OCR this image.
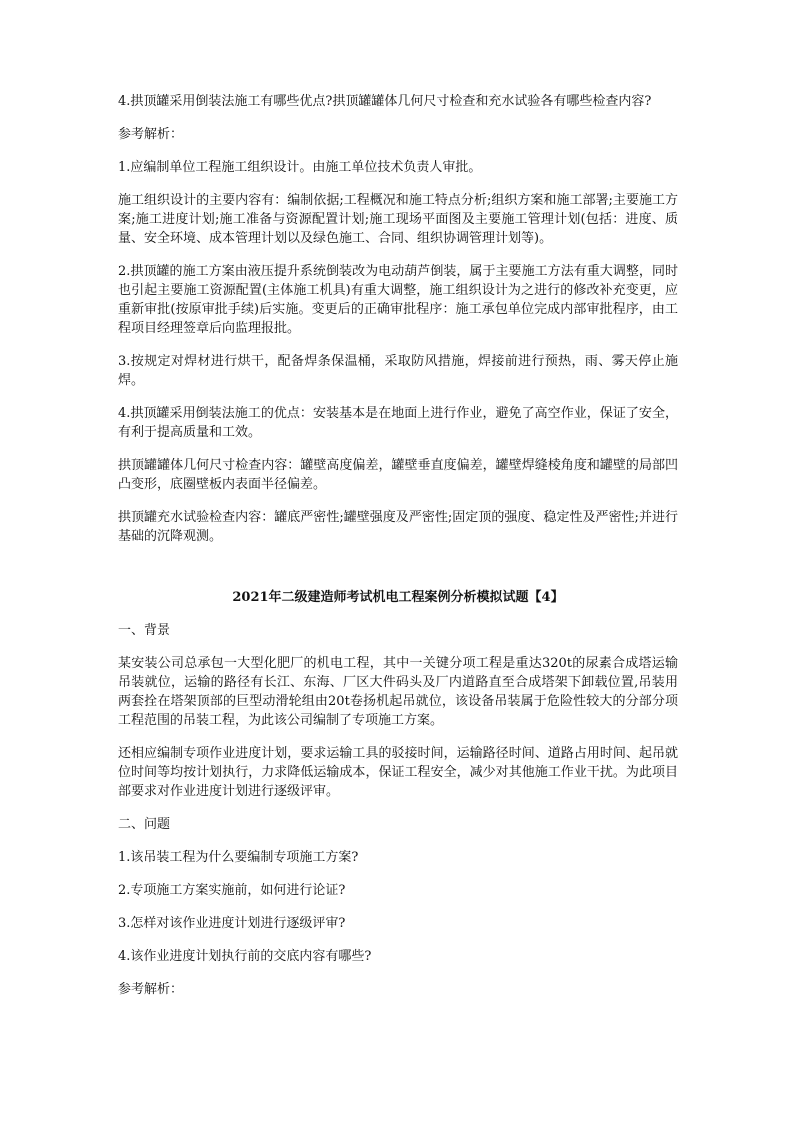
4.拱顶罐采用倒装法施工有哪些优点?拱顶罐罐体几何尺寸检查和充水试验各有哪些检查内容?

参考解析：

1.应编制单位工程施工组织设计。由施工单位技术负责人审批。

施工组织设计的主要内容有：编制依据;工程概况和施工特点分析;组织方案和施工部署;主要施工方案;施工进度计划;施工准备与资源配置计划;施工现场平面图及主要施工管理计划(包括：进度、质量、安全环境、成本管理计划以及绿色施工、合同、组织协调管理计划等)。

2.拱顶罐的施工方案由液压提升系统倒装改为电动葫芦倒装，属于主要施工方法有重大调整，同时也引起主要施工资源配置(主体施工机具)有重大调整，施工组织设计为之进行的修改补充变更，应重新审批(按原审批手续)后实施。变更后的正确审批程序：施工承包单位完成内部审批程序，由工程项目经理签章后向监理报批。

3.按规定对焊材进行烘干，配备焊条保温桶，采取防风措施，焊接前进行预热，雨、雾天停止施焊。

4.拱顶罐采用倒装法施工的优点：安装基本是在地面上进行作业，避免了高空作业，保证了安全，有利于提高质量和工效。

拱顶罐罐体几何尺寸检查内容：罐壁高度偏差，罐壁垂直度偏差，罐壁焊缝棱角度和罐壁的局部凹凸变形，底圈壁板内表面半径偏差。

拱顶罐充水试验检查内容：罐底严密性;罐壁强度及严密性;固定顶的强度、稳定性及严密性;并进行基础的沉降观测。

2021年二级建造师考试机电工程案例分析模拟试题【4】

一、背景

某安装公司总承包一大型化肥厂的机电工程，其中一关键分项工程是重达320t的尿素合成塔运输吊装就位，运输的路径有长江、东海、厂区大件码头及厂内道路直至合成塔架下卸载位置,吊装用两套拴在塔架顶部的巨型动滑轮组由20t卷扬机起吊就位，该设备吊装属于危险性较大的分部分项工程范围的吊装工程，为此该公司编制了专项施工方案。

还相应编制专项作业进度计划，要求运输工具的驳接时间，运输路径时间、道路占用时间、起吊就位时间等均按计划执行，力求降低运输成本，保证工程安全，减少对其他施工作业干扰。为此项目部要求对作业进度计划进行逐级评审。

二、问题

1.该吊装工程为什么要编制专项施工方案?

2.专项施工方案实施前，如何进行论证?

3.怎样对该作业进度计划进行逐级评审?

4.该作业进度计划执行前的交底内容有哪些?

参考解析：
